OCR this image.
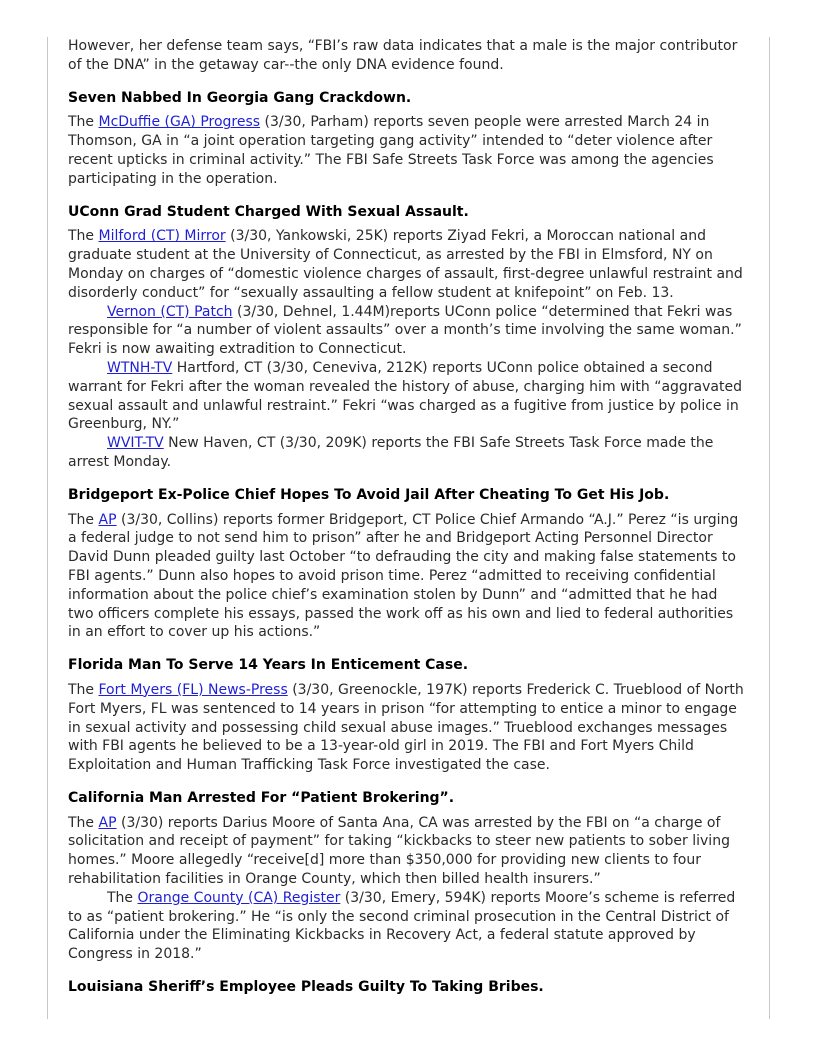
However, her defense team says, “FBI’s raw data indicates that a male is the major contributor of the DNA” in the getaway car--the only DNA evidence found.

Seven Nabbed In Georgia Gang Crackdown.

The McDuffie (GA) Progress (3/30, Parham) reports seven people were arrested March 24 in Thomson, GA in “a joint operation targeting gang activity” intended to “deter violence after recent upticks in criminal activity.” The FBI Safe Streets Task Force was among the agencies participating in the operation.

UConn Grad Student Charged With Sexual Assault.

The Milford (CT) Mirror (3/30, Yankowski, 25K) reports Ziyad Fekri, a Moroccan national and graduate student at the University of Connecticut, as arrested by the FBI in Elmsford, NY on Monday on charges of “domestic violence charges of assault, first-degree unlawful restraint and disorderly conduct” for “sexually assaulting a fellow student at knifepoint” on Feb. 13.

Vernon (CT) Patch (3/30, Dehnel, 1.44M)reports UConn police “determined that Fekri was responsible for “a number of violent assaults” over a month’s time involving the same woman.” Fekri is now awaiting extradition to Connecticut.

WTNH-TV Hartford, CT (3/30, Ceneviva, 212K) reports UConn police obtained a second warrant for Fekri after the woman revealed the history of abuse, charging him with “aggravated sexual assault and unlawful restraint.” Fekri “was charged as a fugitive from justice by police in Greenburg, NY.”

WVIT-TV New Haven, CT (3/30, 209K) reports the FBI Safe Streets Task Force made the arrest Monday.

Bridgeport Ex-Police Chief Hopes To Avoid Jail After Cheating To Get His Job.

The AP (3/30, Collins) reports former Bridgeport, CT Police Chief Armando “A.J.” Perez “is urging a federal judge to not send him to prison” after he and Bridgeport Acting Personnel Director David Dunn pleaded guilty last October “to defrauding the city and making false statements to FBI agents.” Dunn also hopes to avoid prison time. Perez “admitted to receiving confidential information about the police chief’s examination stolen by Dunn” and “admitted that he had two officers complete his essays, passed the work off as his own and lied to federal authorities in an effort to cover up his actions.”

Florida Man To Serve 14 Years In Enticement Case.

The Fort Myers (FL) News-Press (3/30, Greenockle, 197K) reports Frederick C. Trueblood of North Fort Myers, FL was sentenced to 14 years in prison “for attempting to entice a minor to engage in sexual activity and possessing child sexual abuse images.” Trueblood exchanges messages with FBI agents he believed to be a 13-year-old girl in 2019. The FBI and Fort Myers Child Exploitation and Human Trafficking Task Force investigated the case.

California Man Arrested For “Patient Brokering”.

The AP (3/30) reports Darius Moore of Santa Ana, CA was arrested by the FBI on “a charge of solicitation and receipt of payment” for taking “kickbacks to steer new patients to sober living homes.” Moore allegedly “receive[d] more than $350,000 for providing new clients to four rehabilitation facilities in Orange County, which then billed health insurers.”

The Orange County (CA) Register (3/30, Emery, 594K) reports Moore’s scheme is referred to as “patient brokering.” He “is only the second criminal prosecution in the Central District of California under the Eliminating Kickbacks in Recovery Act, a federal statute approved by Congress in 2018.”

Louisiana Sheriff’s Employee Pleads Guilty To Taking Bribes.
